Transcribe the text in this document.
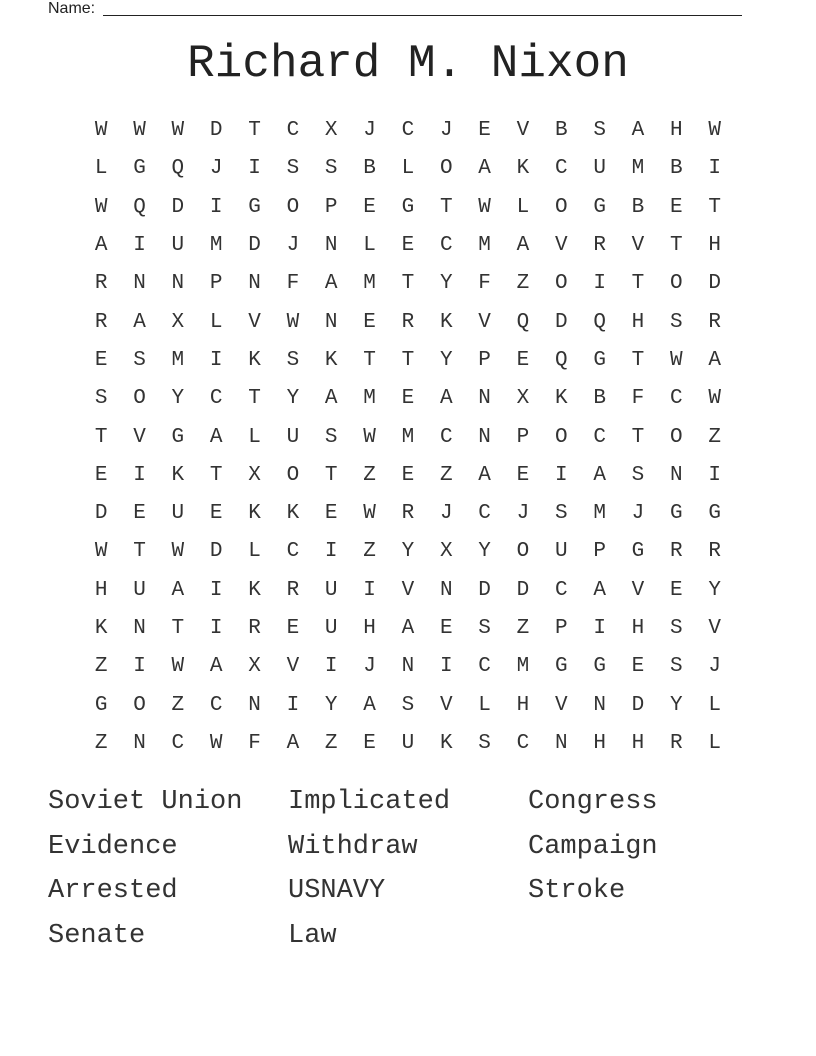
Name:
Richard M. Nixon
W	W	W	D	T	C	X	J	C	J	E	V	B	S	A	H	W
L	G	Q	J	I	S	S	B	L	O	A	K	C	U	M	B	I
W	Q	D	I	G	O	P	E	G	T	W	L	O	G	B	E	T
A	I	U	M	D	J	N	L	E	C	M	A	V	R	V	T	H
R	N	N	P	N	F	A	M	T	Y	F	Z	O	I	T	O	D
R	A	X	L	V	W	N	E	R	K	V	Q	D	Q	H	S	R
E	S	M	I	K	S	K	T	T	Y	P	E	Q	G	T	W	A
S	O	Y	C	T	Y	A	M	E	A	N	X	K	B	F	C	W
T	V	G	A	L	U	S	W	M	C	N	P	O	C	T	O	Z
E	I	K	T	X	O	T	Z	E	Z	A	E	I	A	S	N	I
D	E	U	E	K	K	E	W	R	J	C	J	S	M	J	G	G
W	T	W	D	L	C	I	Z	Y	X	Y	O	U	P	G	R	R
H	U	A	I	K	R	U	I	V	N	D	D	C	A	V	E	Y
K	N	T	I	R	E	U	H	A	E	S	Z	P	I	H	S	V
Z	I	W	A	X	V	I	J	N	I	C	M	G	G	E	S	J
G	O	Z	C	N	I	Y	A	S	V	L	H	V	N	D	Y	L
Z	N	C	W	F	A	Z	E	U	K	S	C	N	H	H	R	L
Soviet Union	Implicated	Congress
Evidence	Withdraw	Campaign
Arrested	USNAVY	Stroke
Senate	Law
